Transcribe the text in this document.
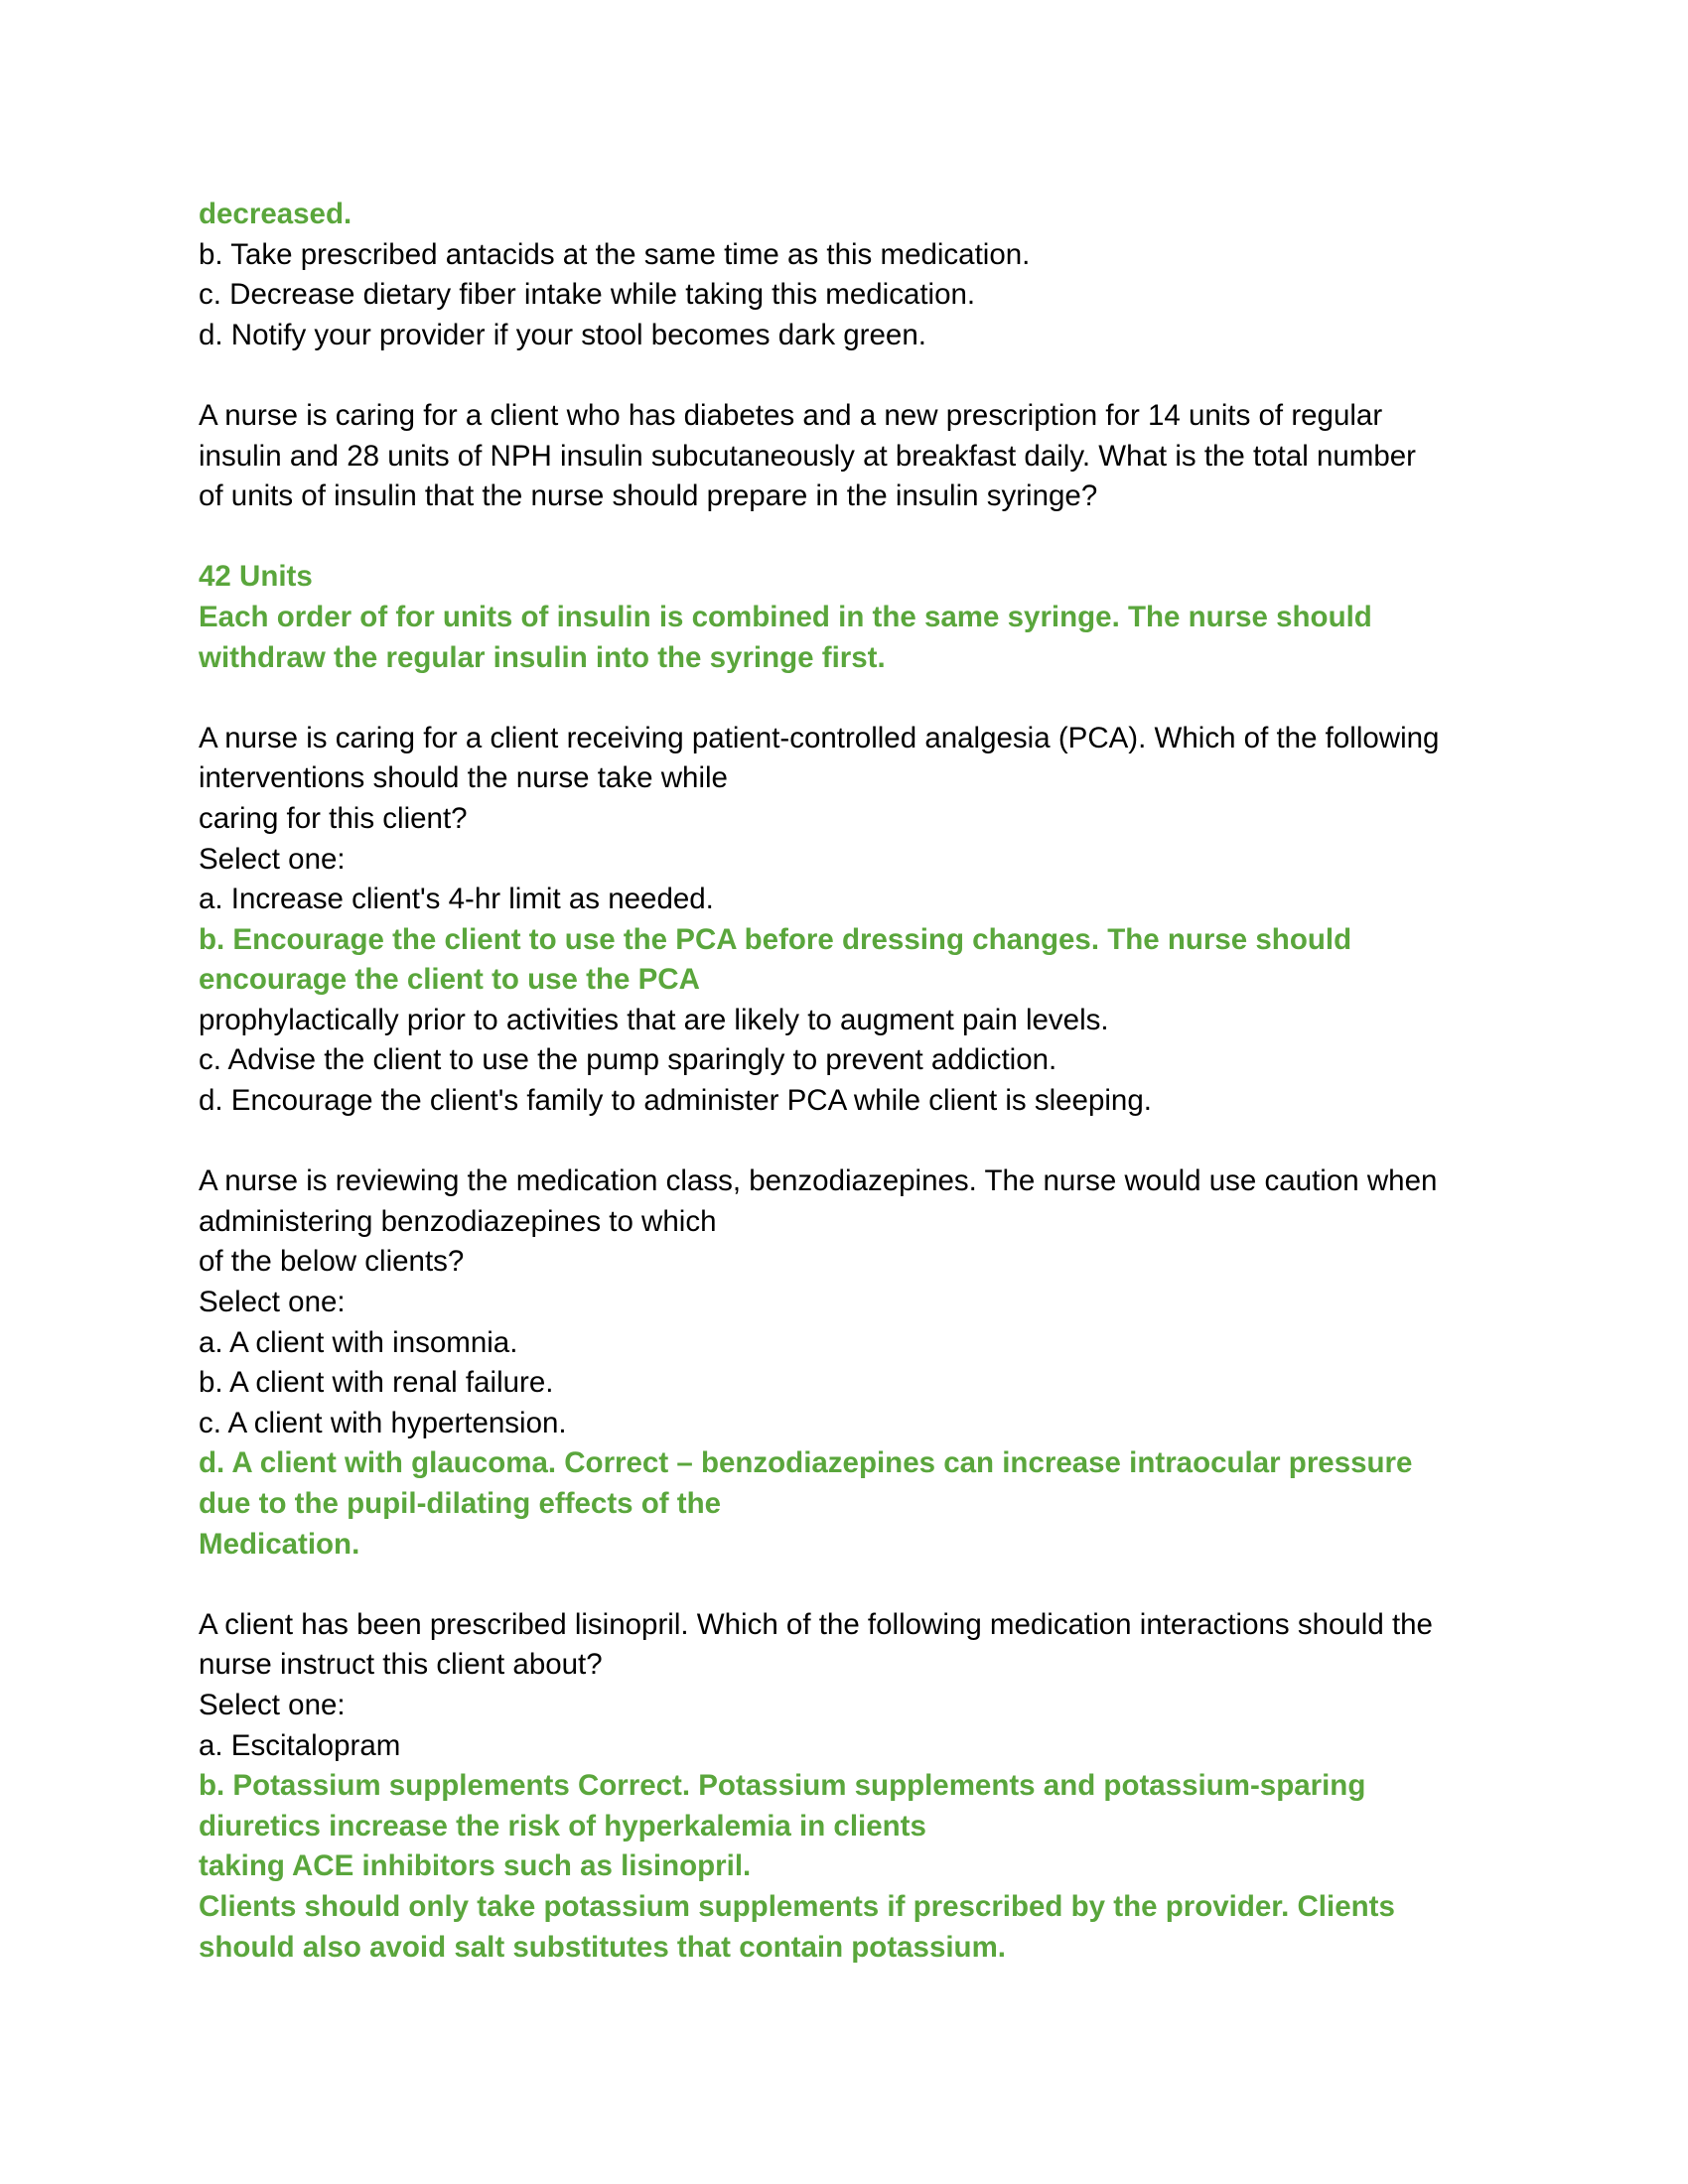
decreased.
b. Take prescribed antacids at the same time as this medication.
c. Decrease dietary fiber intake while taking this medication.
d. Notify your provider if your stool becomes dark green.
A nurse is caring for a client who has diabetes and a new prescription for 14 units of regular
insulin and 28 units of NPH insulin subcutaneously at breakfast daily. What is the total number
of units of insulin that the nurse should prepare in the insulin syringe?
42 Units
Each order of for units of insulin is combined in the same syringe. The nurse should
withdraw the regular insulin into the syringe first.
A nurse is caring for a client receiving patient-controlled analgesia (PCA). Which of the following
interventions should the nurse take while
caring for this client?
Select one:
a. Increase client's 4-hr limit as needed.
b. Encourage the client to use the PCA before dressing changes. The nurse should
encourage the client to use the PCA
prophylactically prior to activities that are likely to augment pain levels.
c. Advise the client to use the pump sparingly to prevent addiction.
d. Encourage the client's family to administer PCA while client is sleeping.
A nurse is reviewing the medication class, benzodiazepines. The nurse would use caution when
administering benzodiazepines to which
of the below clients?
Select one:
a. A client with insomnia.
b. A client with renal failure.
c. A client with hypertension.
d. A client with glaucoma. Correct – benzodiazepines can increase intraocular pressure
due to the pupil-dilating effects of the
Medication.
A client has been prescribed lisinopril. Which of the following medication interactions should the
nurse instruct this client about?
Select one:
a. Escitalopram
b. Potassium supplements Correct. Potassium supplements and potassium-sparing
diuretics increase the risk of hyperkalemia in clients
taking ACE inhibitors such as lisinopril.
Clients should only take potassium supplements if prescribed by the provider. Clients
should also avoid salt substitutes that contain potassium.
